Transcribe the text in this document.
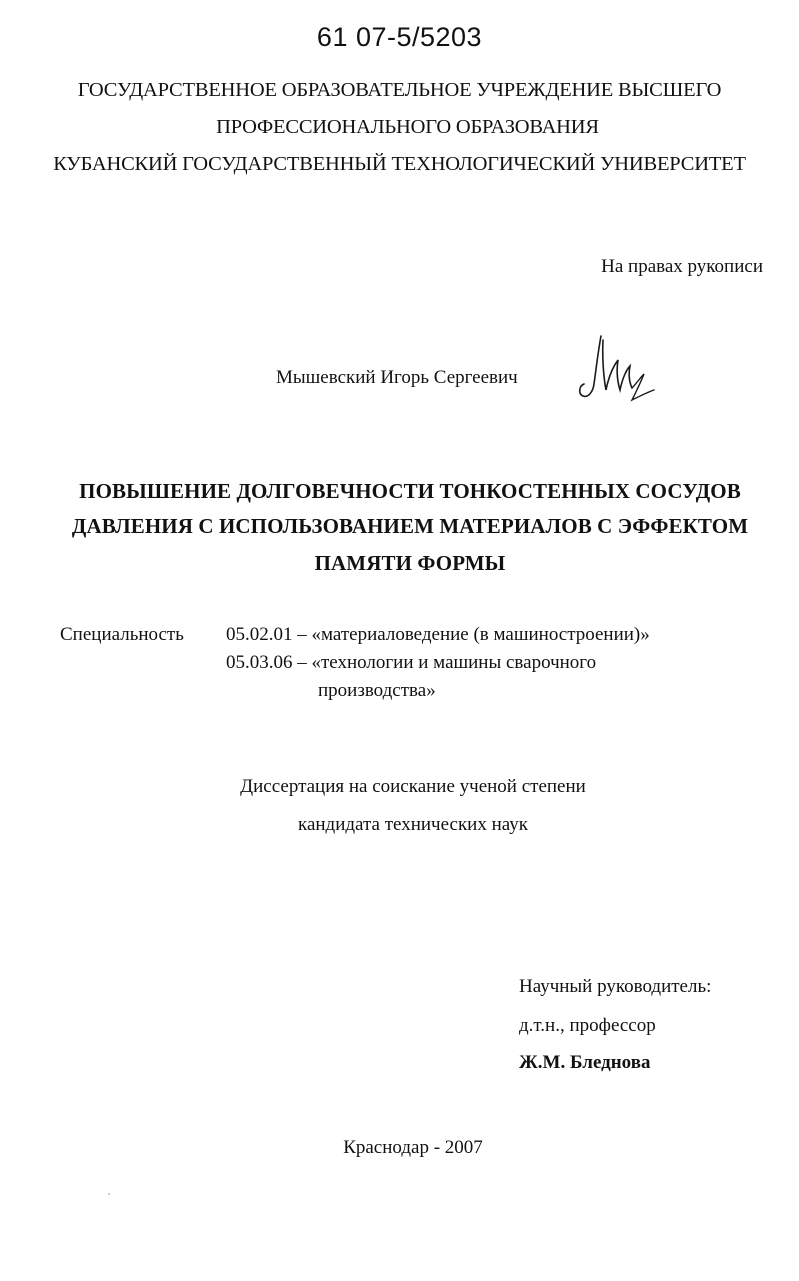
61 07-5/5203
ГОСУДАРСТВЕННОЕ ОБРАЗОВАТЕЛЬНОЕ УЧРЕЖДЕНИЕ ВЫСШЕГО
ПРОФЕССИОНАЛЬНОГО ОБРАЗОВАНИЯ
КУБАНСКИЙ ГОСУДАРСТВЕННЫЙ ТЕХНОЛОГИЧЕСКИЙ УНИВЕРСИТЕТ
На правах рукописи
Мышевский Игорь Сергеевич
ПОВЫШЕНИЕ ДОЛГОВЕЧНОСТИ ТОНКОСТЕННЫХ СОСУДОВ
ДАВЛЕНИЯ С ИСПОЛЬЗОВАНИЕМ МАТЕРИАЛОВ С ЭФФЕКТОМ
ПАМЯТИ ФОРМЫ
Специальность 05.02.01 – «материаловедение (в машиностроении)»
05.03.06 – «технологии и машины сварочного
производства»
Диссертация на соискание ученой степени
кандидата технических наук
Научный руководитель:
д.т.н., профессор
Ж.М. Бледнова
Краснодар - 2007
